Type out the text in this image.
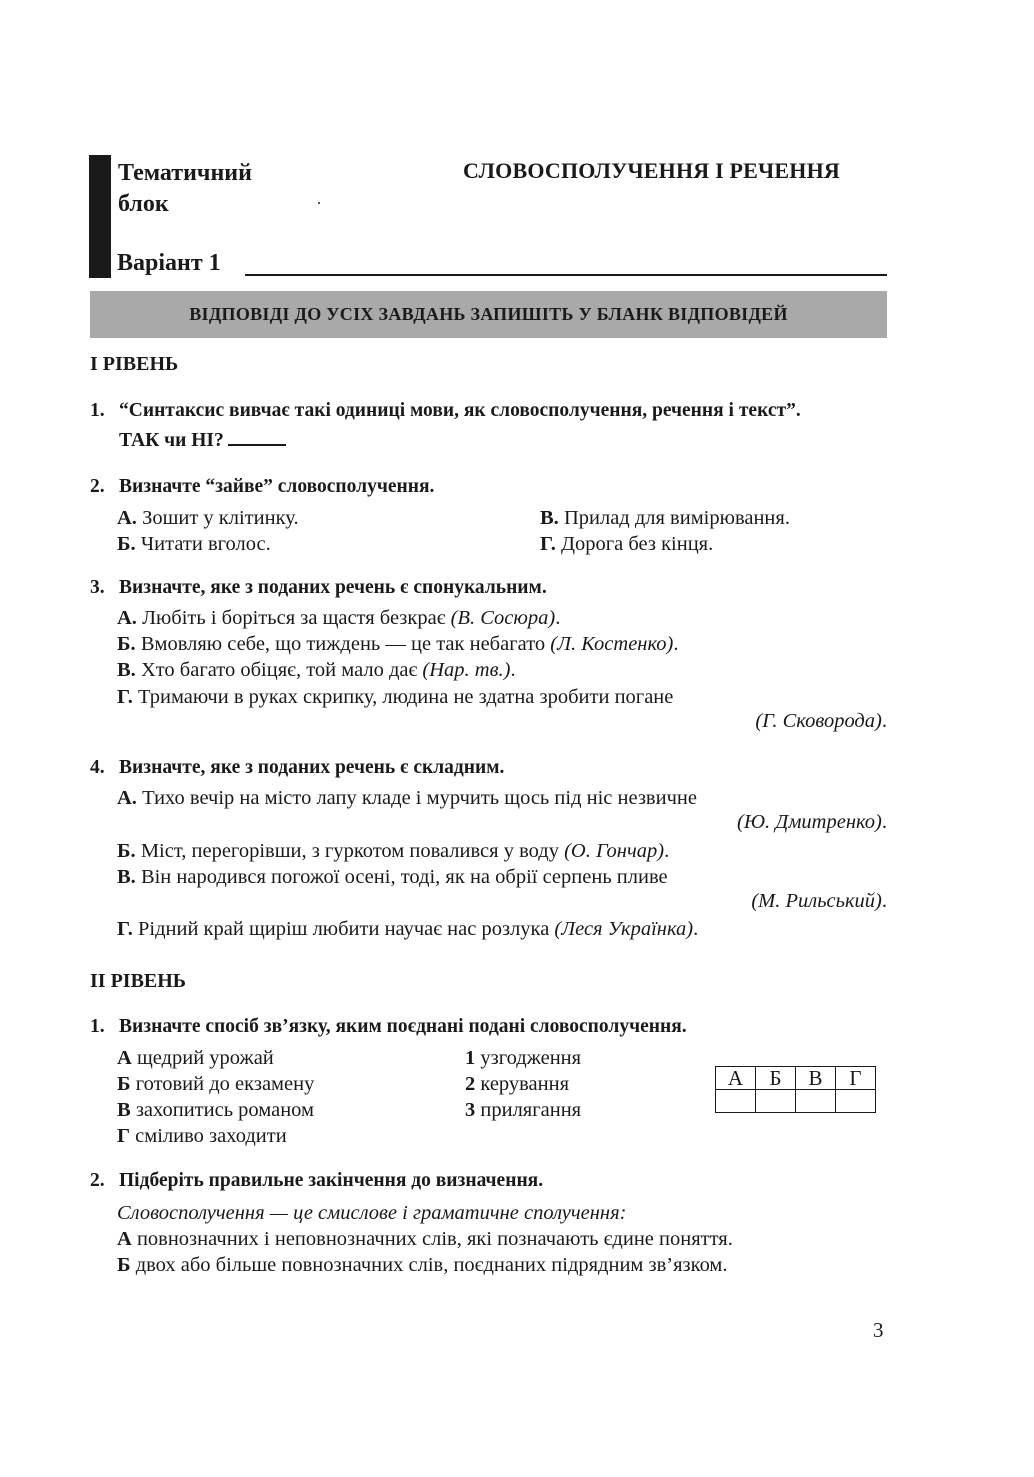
Тематичний
блок
СЛОВОСПОЛУЧЕННЯ І РЕЧЕННЯ
Варіант 1
ВІДПОВІДІ ДО УСІХ ЗАВДАНЬ ЗАПИШІТЬ У БЛАНК ВІДПОВІДЕЙ
І РІВЕНЬ
1. “Синтаксис вивчає такі одиниці мови, як словосполучення, речення і текст”.
ТАК чи НІ?
2. Визначте “зайве” словосполучення.
А. Зошит у клітинку.	В. Прилад для вимірювання.
Б. Читати вголос.	Г. Дорога без кінця.
3. Визначте, яке з поданих речень є спонукальним.
А. Любіть і боріться за щастя безкрає (В. Сосюра).
Б. Вмовляю себе, що тиждень — це так небагато (Л. Костенко).
В. Хто багато обіцяє, той мало дає (Нар. тв.).
Г. Тримаючи в руках скрипку, людина не здатна зробити погане
(Г. Сковорода).
4. Визначте, яке з поданих речень є складним.
А. Тихо вечір на місто лапу кладе і мурчить щось під ніс незвичне
(Ю. Дмитренко).
Б. Міст, перегорівши, з гуркотом повалився у воду (О. Гончар).
В. Він народився погожої осені, тоді, як на обрії серпень пливе
(М. Рильський).
Г. Рідний край щиріш любити научає нас розлука (Леся Українка).
ІІ РІВЕНЬ
1. Визначте спосіб зв’язку, яким поєднані подані словосполучення.
А щедрий урожай
Б готовий до екзамену
В захопитись романом
Г сміливо заходити
1 узгодження
2 керування
3 прилягання
А	Б	В	Г

2. Підберіть правильне закінчення до визначення.
Словосполучення — це смислове і граматичне сполучення:
А повнозначних і неповнозначних слів, які позначають єдине поняття.
Б двох або більше повнозначних слів, поєднаних підрядним зв’язком.
3
